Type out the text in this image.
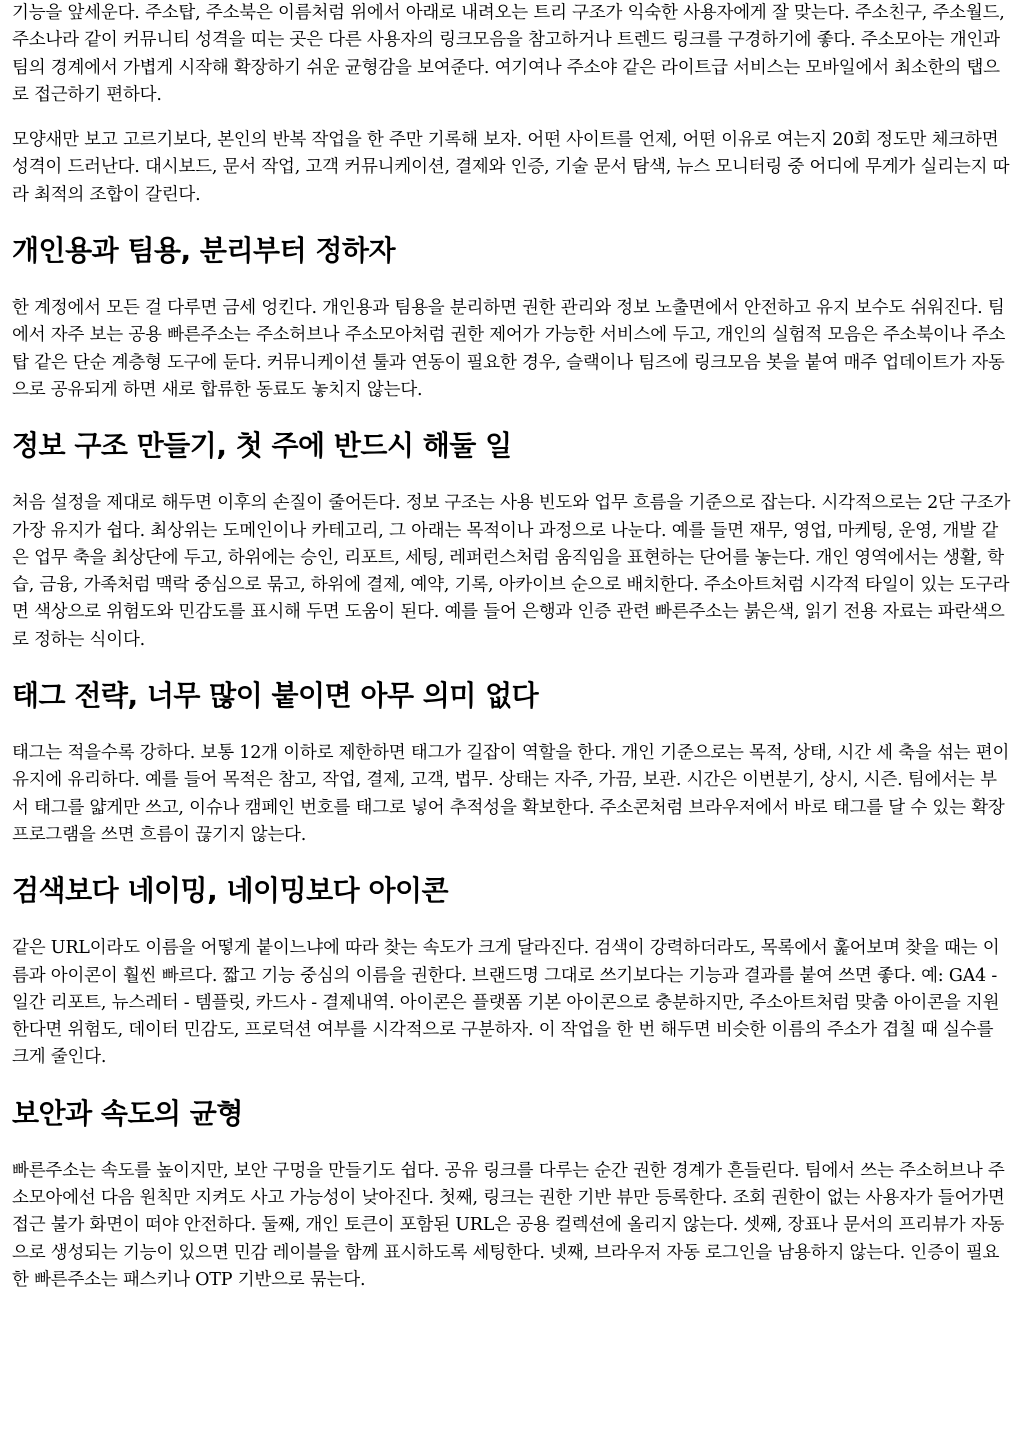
기능을 앞세운다. 주소탑, 주소북은 이름처럼 위에서 아래로 내려오는 트리 구조가 익숙한 사용자에게 잘 맞는다. 주소친구, 주소월드, 주소나라 같이 커뮤니티 성격을 띠는 곳은 다른 사용자의 링크모음을 참고하거나 트렌드 링크를 구경하기에 좋다. 주소모아는 개인과 팀의 경계에서 가볍게 시작해 확장하기 쉬운 균형감을 보여준다. 여기여나 주소야 같은 라이트급 서비스는 모바일에서 최소한의 탭으로 접근하기 편하다.

모양새만 보고 고르기보다, 본인의 반복 작업을 한 주만 기록해 보자. 어떤 사이트를 언제, 어떤 이유로 여는지 20회 정도만 체크하면 성격이 드러난다. 대시보드, 문서 작업, 고객 커뮤니케이션, 결제와 인증, 기술 문서 탐색, 뉴스 모니터링 중 어디에 무게가 실리는지 따라 최적의 조합이 갈린다.

개인용과 팀용, 분리부터 정하자

한 계정에서 모든 걸 다루면 금세 엉킨다. 개인용과 팀용을 분리하면 권한 관리와 정보 노출면에서 안전하고 유지 보수도 쉬워진다. 팀에서 자주 보는 공용 빠른주소는 주소허브나 주소모아처럼 권한 제어가 가능한 서비스에 두고, 개인의 실험적 모음은 주소북이나 주소탑 같은 단순 계층형 도구에 둔다. 커뮤니케이션 툴과 연동이 필요한 경우, 슬랙이나 팀즈에 링크모음 봇을 붙여 매주 업데이트가 자동으로 공유되게 하면 새로 합류한 동료도 놓치지 않는다.

정보 구조 만들기, 첫 주에 반드시 해둘 일

처음 설정을 제대로 해두면 이후의 손질이 줄어든다. 정보 구조는 사용 빈도와 업무 흐름을 기준으로 잡는다. 시각적으로는 2단 구조가 가장 유지가 쉽다. 최상위는 도메인이나 카테고리, 그 아래는 목적이나 과정으로 나눈다. 예를 들면 재무, 영업, 마케팅, 운영, 개발 같은 업무 축을 최상단에 두고, 하위에는 승인, 리포트, 세팅, 레퍼런스처럼 움직임을 표현하는 단어를 놓는다. 개인 영역에서는 생활, 학습, 금융, 가족처럼 맥락 중심으로 묶고, 하위에 결제, 예약, 기록, 아카이브 순으로 배치한다. 주소아트처럼 시각적 타일이 있는 도구라면 색상으로 위험도와 민감도를 표시해 두면 도움이 된다. 예를 들어 은행과 인증 관련 빠른주소는 붉은색, 읽기 전용 자료는 파란색으로 정하는 식이다.

태그 전략, 너무 많이 붙이면 아무 의미 없다

태그는 적을수록 강하다. 보통 12개 이하로 제한하면 태그가 길잡이 역할을 한다. 개인 기준으로는 목적, 상태, 시간 세 축을 섞는 편이 유지에 유리하다. 예를 들어 목적은 참고, 작업, 결제, 고객, 법무. 상태는 자주, 가끔, 보관. 시간은 이번분기, 상시, 시즌. 팀에서는 부서 태그를 얇게만 쓰고, 이슈나 캠페인 번호를 태그로 넣어 추적성을 확보한다. 주소콘처럼 브라우저에서 바로 태그를 달 수 있는 확장프로그램을 쓰면 흐름이 끊기지 않는다.

검색보다 네이밍, 네이밍보다 아이콘

같은 URL이라도 이름을 어떻게 붙이느냐에 따라 찾는 속도가 크게 달라진다. 검색이 강력하더라도, 목록에서 훑어보며 찾을 때는 이름과 아이콘이 훨씬 빠르다. 짧고 기능 중심의 이름을 권한다. 브랜드명 그대로 쓰기보다는 기능과 결과를 붙여 쓰면 좋다. 예: GA4 - 일간 리포트, 뉴스레터 - 템플릿, 카드사 - 결제내역. 아이콘은 플랫폼 기본 아이콘으로 충분하지만, 주소아트처럼 맞춤 아이콘을 지원한다면 위험도, 데이터 민감도, 프로덕션 여부를 시각적으로 구분하자. 이 작업을 한 번 해두면 비슷한 이름의 주소가 겹칠 때 실수를 크게 줄인다.

보안과 속도의 균형

빠른주소는 속도를 높이지만, 보안 구멍을 만들기도 쉽다. 공유 링크를 다루는 순간 권한 경계가 흔들린다. 팀에서 쓰는 주소허브나 주소모아에선 다음 원칙만 지켜도 사고 가능성이 낮아진다. 첫째, 링크는 권한 기반 뷰만 등록한다. 조회 권한이 없는 사용자가 들어가면 접근 불가 화면이 떠야 안전하다. 둘째, 개인 토큰이 포함된 URL은 공용 컬렉션에 올리지 않는다. 셋째, 장표나 문서의 프리뷰가 자동으로 생성되는 기능이 있으면 민감 레이블을 함께 표시하도록 세팅한다. 넷째, 브라우저 자동 로그인을 남용하지 않는다. 인증이 필요한 빠른주소는 패스키나 OTP 기반으로 묶는다.
